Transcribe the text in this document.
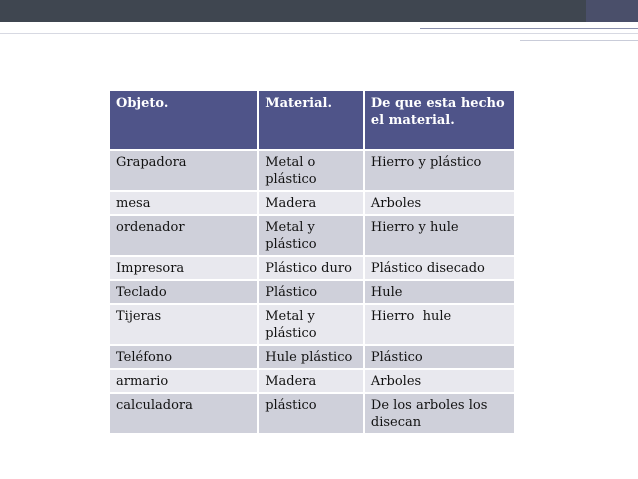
Objeto.	Material.	De que esta hecho el material.
Grapadora	Metal o plástico	Hierro y plástico
mesa	Madera	Arboles
ordenador	Metal y plástico	Hierro y hule
Impresora	Plástico duro	Plástico disecado
Teclado	Plástico	Hule
Tijeras	Metal y plástico	Hierro  hule
Teléfono	Hule plástico	Plástico
armario	Madera	Arboles
calculadora	plástico	De los arboles los disecan
